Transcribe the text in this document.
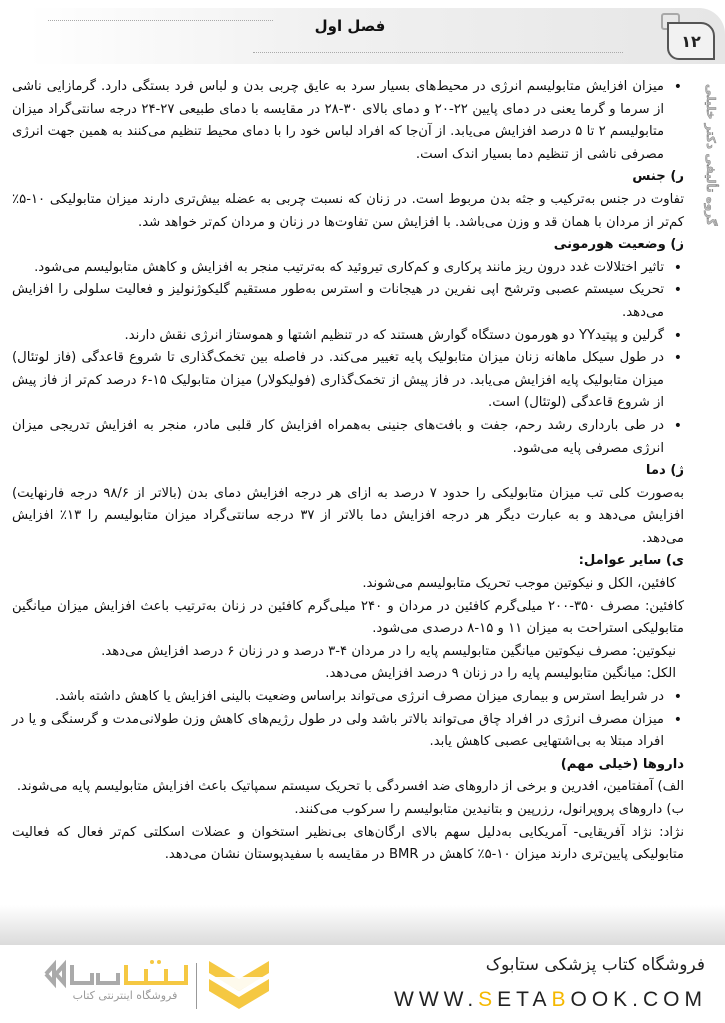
فصل اول
۱۲
گروه تألیفی دکتر خلیلی

• میزان افزایش متابولیسم انرژی در محیط‌های بسیار سرد به عایق چربی بدن و لباس فرد بستگی دارد. گرمازایی ناشی از سرما و گرما یعنی در دمای پایین ۲۲-۲۰ و دمای بالای ۳۰-۲۸ در مقایسه با دمای طبیعی ۲۷-۲۴ درجه سانتی‌گراد میزان متابولیسم ۲ تا ۵ درصد افزایش می‌یابد. از آن‌جا که افراد لباس خود را با دمای محیط تنظیم می‌کنند به همین جهت انرژی مصرفی ناشی از تنظیم دما بسیار اندک است.

ر) جنس

تفاوت در جنس به‌ترکیب و جثه بدن مربوط است. در زنان که نسبت چربی به عضله بیش‌تری دارند میزان متابولیکی ۱۰-۵٪ کم‌تر از مردان با همان قد و وزن می‌باشد. با افزایش سن تفاوت‌ها در زنان و مردان کم‌تر خواهد شد.

ز) وضعیت هورمونی

• تاثیر اختلالات غدد درون ریز مانند پرکاری و کم‌کاری تیروئید که به‌ترتیب منجر به افزایش و کاهش متابولیسم می‌شود.

• تحریک سیستم عصبی وترشح اپی نفرین در هیجانات و استرس به‌طور مستقیم گلیکوژنولیز و فعالیت سلولی را افزایش می‌دهد.

• گرلین و پپتیدYY دو هورمون دستگاه گوارش هستند که در تنظیم اشتها و هموستاز انرژی نقش دارند.

• در طول سیکل ماهانه زنان میزان متابولیک پایه تغییر می‌کند. در فاصله بین تخمک‌گذاری تا شروع قاعدگی (فاز لوتئال) میزان متابولیک پایه افزایش می‌یابد. در فاز پیش از تخمک‌گذاری (فولیکولار) میزان متابولیک ۱۵-۶ درصد کم‌تر از فاز پیش از شروع قاعدگی (لوتئال) است.

• در طی بارداری رشد رحم، جفت و بافت‌های جنینی به‌همراه افزایش کار قلبی مادر، منجر به افزایش تدریجی میزان انرژی مصرفی پایه می‌شود.

ژ) دما

به‌صورت کلی تب میزان متابولیکی را حدود ۷ درصد به ازای هر درجه افزایش دمای بدن (بالاتر از ۹۸/۶ درجه فارنهایت) افزایش می‌دهد و به عبارت دیگر هر درجه افزایش دما بالاتر از ۳۷ درجه سانتی‌گراد میزان متابولیسم را ۱۳٪ افزایش می‌دهد.

ی) سایر عوامل:

کافئین، الکل و نیکوتین موجب تحریک متابولیسم می‌شوند.

کافئین: مصرف ۳۵۰-۲۰۰ میلی‌گرم کافئین در مردان و ۲۴۰ میلی‌گرم کافئین در زنان به‌ترتیب باعث افزایش میزان میانگین متابولیکی استراحت به میزان ۱۱ و ۱۵-۸ درصدی می‌شود.

نیکوتین: مصرف نیکوتین میانگین متابولیسم پایه را در مردان ۴-۳ درصد و در زنان ۶ درصد افزایش می‌دهد.

الکل: میانگین متابولیسم پایه را در زنان ۹ درصد افزایش می‌دهد.

• در شرایط استرس و بیماری میزان مصرف انرژی می‌تواند براساس وضعیت بالینی افزایش یا کاهش داشته باشد.

• میزان مصرف انرژی در افراد چاق می‌تواند بالاتر باشد ولی در طول رژیم‌های کاهش وزن طولانی‌مدت و گرسنگی و یا در افراد مبتلا به بی‌اشتهایی عصبی کاهش یابد.

داروها (خیلی مهم)

الف) آمفتامین، افدرین و برخی از داروهای ضد افسردگی با تحریک سیستم سمپاتیک باعث افزایش متابولیسم پایه می‌شوند.

ب) داروهای پروپرانول، رزرپین و بتانیدین متابولیسم را سرکوب می‌کنند.

نژاد: نژاد آفریقایی- آمریکایی به‌دلیل سهم بالای ارگان‌های بی‌نظیر استخوان و عضلات اسکلتی کم‌تر فعال که فعالیت متابولیکی پایین‌تری دارند میزان ۱۰-۵٪ کاهش در BMR در مقایسه با سفیدپوستان نشان می‌دهد.

فروشگاه کتاب پزشکی ستابوک
WWW.SETABOOK.COM
فروشگاه اینترنتی کتاب
